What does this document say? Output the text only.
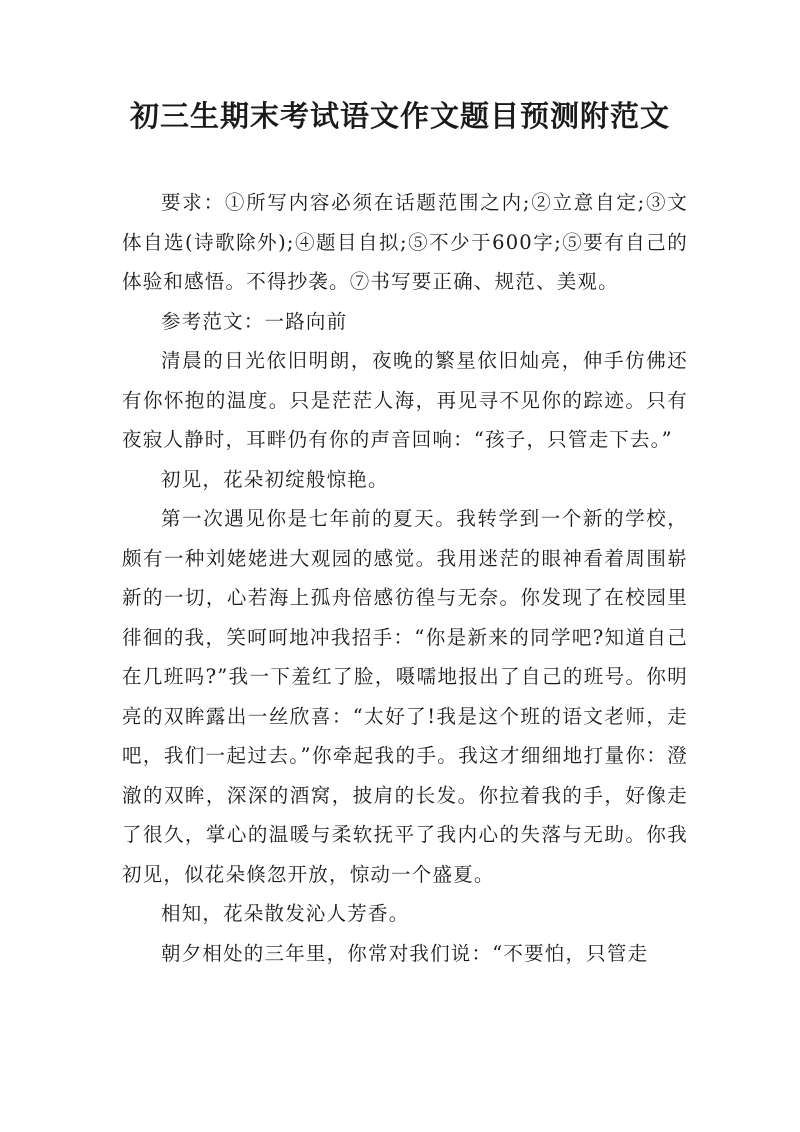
初三生期末考试语文作文题目预测附范文

要求：①所写内容必须在话题范围之内;②立意自定;③文体自选(诗歌除外);④题目自拟;⑤不少于600字;⑤要有自己的体验和感悟。不得抄袭。⑦书写要正确、规范、美观。

参考范文：一路向前

清晨的日光依旧明朗，夜晚的繁星依旧灿亮，伸手仿佛还有你怀抱的温度。只是茫茫人海，再见寻不见你的踪迹。只有夜寂人静时，耳畔仍有你的声音回响：“孩子，只管走下去。”

初见，花朵初绽般惊艳。

第一次遇见你是七年前的夏天。我转学到一个新的学校，颇有一种刘姥姥进大观园的感觉。我用迷茫的眼神看着周围崭新的一切，心若海上孤舟倍感彷徨与无奈。你发现了在校园里徘徊的我，笑呵呵地冲我招手：“你是新来的同学吧?知道自己在几班吗?”我一下羞红了脸，嗫嚅地报出了自己的班号。你明亮的双眸露出一丝欣喜：“太好了!我是这个班的语文老师，走吧，我们一起过去。”你牵起我的手。我这才细细地打量你：澄澈的双眸，深深的酒窝，披肩的长发。你拉着我的手，好像走了很久，掌心的温暖与柔软抚平了我内心的失落与无助。你我初见，似花朵倏忽开放，惊动一个盛夏。

相知，花朵散发沁人芳香。

朝夕相处的三年里，你常对我们说：“不要怕，只管走
